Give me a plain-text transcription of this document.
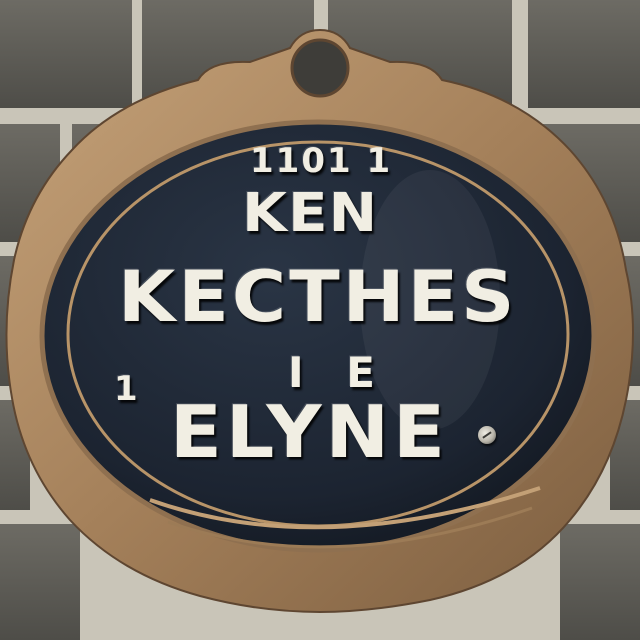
1101 1
KEN
KECTHES
I E
1
ELYNE
